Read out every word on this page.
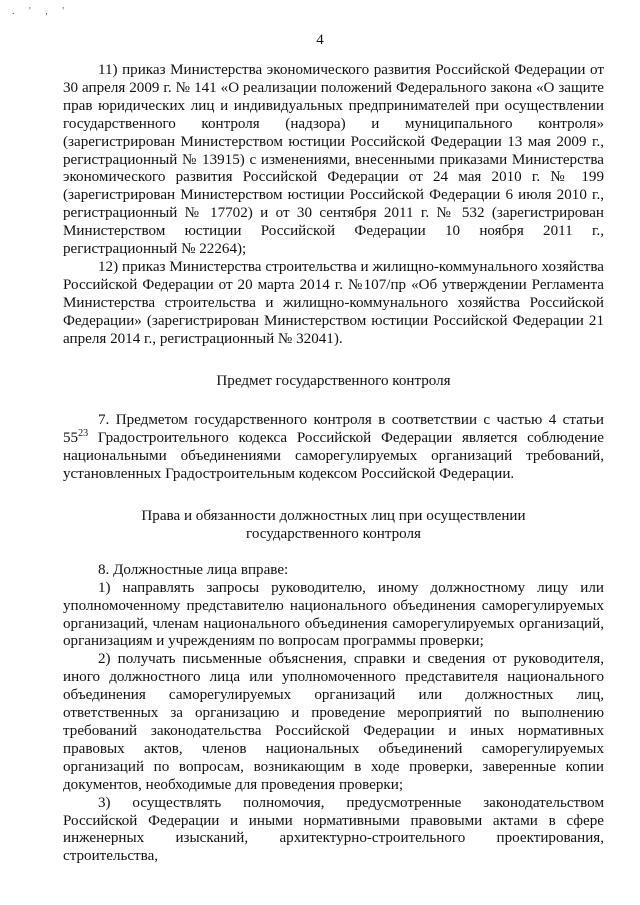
. ' , '
4

11) приказ Министерства экономического развития Российской Федерации от 30 апреля 2009 г. № 141 «О реализации положений Федерального закона «О защите прав юридических лиц и индивидуальных предпринимателей при осуществлении государственного контроля (надзора) и муниципального контроля» (зарегистрирован Министерством юстиции Российской Федерации 13 мая 2009 г., регистрационный № 13915) с изменениями, внесенными приказами Министерства экономического развития Российской Федерации от 24 мая 2010 г. № 199 (зарегистрирован Министерством юстиции Российской Федерации 6 июля 2010 г., регистрационный № 17702) и от 30 сентября 2011 г. № 532 (зарегистрирован Министерством юстиции Российской Федерации 10 ноября 2011 г., регистрационный № 22264);

12) приказ Министерства строительства и жилищно-коммунального хозяйства Российской Федерации от 20 марта 2014 г. №107/пр «Об утверждении Регламента Министерства строительства и жилищно-коммунального хозяйства Российской Федерации» (зарегистрирован Министерством юстиции Российской Федерации 21 апреля 2014 г., регистрационный № 32041).

Предмет государственного контроля

7. Предметом государственного контроля в соответствии с частью 4 статьи $55^{23}$ Градостроительного кодекса Российской Федерации является соблюдение национальными объединениями саморегулируемых организаций требований, установленных Градостроительным кодексом Российской Федерации.

Права и обязанности должностных лиц при осуществлении
государственного контроля

8. Должностные лица вправе:

1) направлять запросы руководителю, иному должностному лицу или уполномоченному представителю национального объединения саморегулируемых организаций, членам национального объединения саморегулируемых организаций, организациям и учреждениям по вопросам программы проверки;

2) получать письменные объяснения, справки и сведения от руководителя, иного должностного лица или уполномоченного представителя национального объединения саморегулируемых организаций или должностных лиц, ответственных за организацию и проведение мероприятий по выполнению требований законодательства Российской Федерации и иных нормативных правовых актов, членов национальных объединений саморегулируемых организаций по вопросам, возникающим в ходе проверки, заверенные копии документов, необходимые для проведения проверки;

3) осуществлять полномочия, предусмотренные законодательством Российской Федерации и иными нормативными правовыми актами в сфере инженерных изысканий, архитектурно-строительного проектирования, строительства,
